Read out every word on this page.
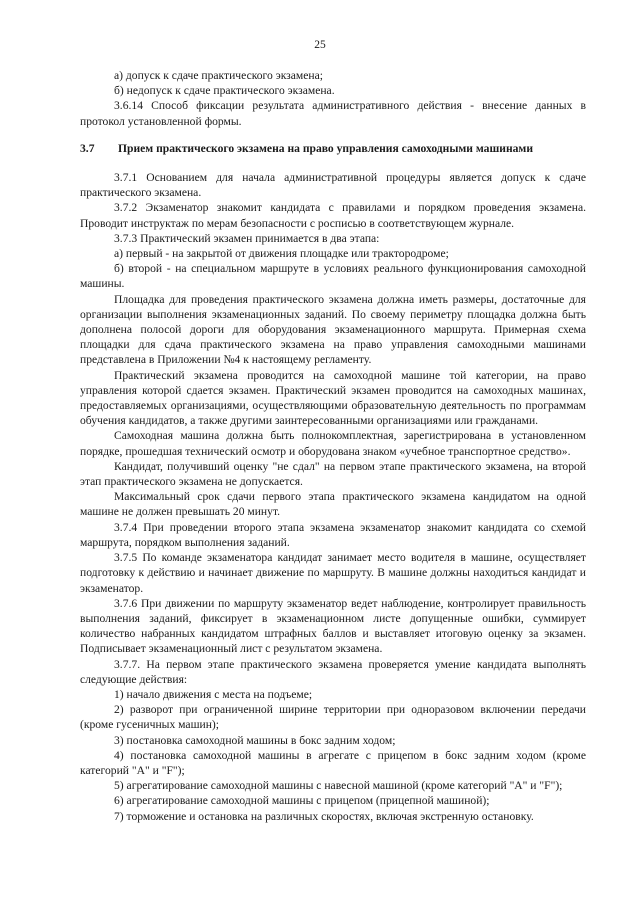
25

а) допуск к сдаче практического экзамена;

б) недопуск к сдаче практического экзамена.

3.6.14 Способ фиксации результата административного действия - внесение данных в протокол установленной формы.

3.7	Прием практического экзамена на право управления самоходными машинами

3.7.1 Основанием для начала административной процедуры является допуск к сдаче практического экзамена.

3.7.2 Экзаменатор знакомит кандидата с правилами и порядком проведения экзамена. Проводит инструктаж по мерам безопасности с росписью в соответствующем журнале.

3.7.3 Практический экзамен принимается в два этапа:

а) первый - на закрытой от движения площадке или трактородроме;

б) второй - на специальном маршруте в условиях реального функционирования самоходной машины.

Площадка для проведения практического экзамена должна иметь размеры, достаточные для организации выполнения экзаменационных заданий. По своему периметру площадка должна быть дополнена полосой дороги для оборудования экзаменационного маршрута. Примерная схема площадки для сдача практического экзамена на право управления самоходными машинами представлена в Приложении №4 к настоящему регламенту.

Практический экзамена проводится на самоходной машине той категории, на право управления которой сдается экзамен. Практический экзамен проводится на самоходных машинах, предоставляемых организациями, осуществляющими образовательную деятельность по программам обучения кандидатов, а также другими заинтересованными организациями или гражданами.

Самоходная машина должна быть полнокомплектная, зарегистрирована в установленном порядке, прошедшая технический осмотр и оборудована знаком «учебное транспортное средство».

Кандидат, получивший оценку "не сдал" на первом этапе практического экзамена, на второй этап практического экзамена не допускается.

Максимальный срок сдачи первого этапа практического экзамена кандидатом на одной машине не должен превышать 20 минут.

3.7.4 При проведении второго этапа экзамена экзаменатор знакомит кандидата со схемой маршрута, порядком выполнения заданий.

3.7.5 По команде экзаменатора кандидат занимает место водителя в машине, осуществляет подготовку к действию и начинает движение по маршруту. В машине должны находиться кандидат и экзаменатор.

3.7.6 При движении по маршруту экзаменатор ведет наблюдение, контролирует правильность выполнения заданий, фиксирует в экзаменационном листе допущенные ошибки, суммирует количество набранных кандидатом штрафных баллов и выставляет итоговую оценку за экзамен. Подписывает экзаменационный лист с результатом экзамена.

3.7.7. На первом этапе практического экзамена проверяется умение кандидата выполнять следующие действия:

1) начало движения с места на подъеме;

2) разворот при ограниченной ширине территории при одноразовом включении передачи (кроме гусеничных машин);

3) постановка самоходной машины в бокс задним ходом;

4) постановка самоходной машины в агрегате с прицепом в бокс задним ходом (кроме категорий "А" и "F");

5) агрегатирование самоходной машины с навесной машиной (кроме категорий "А" и "F");

6) агрегатирование самоходной машины с прицепом (прицепной машиной);

7) торможение и остановка на различных скоростях, включая экстренную остановку.
